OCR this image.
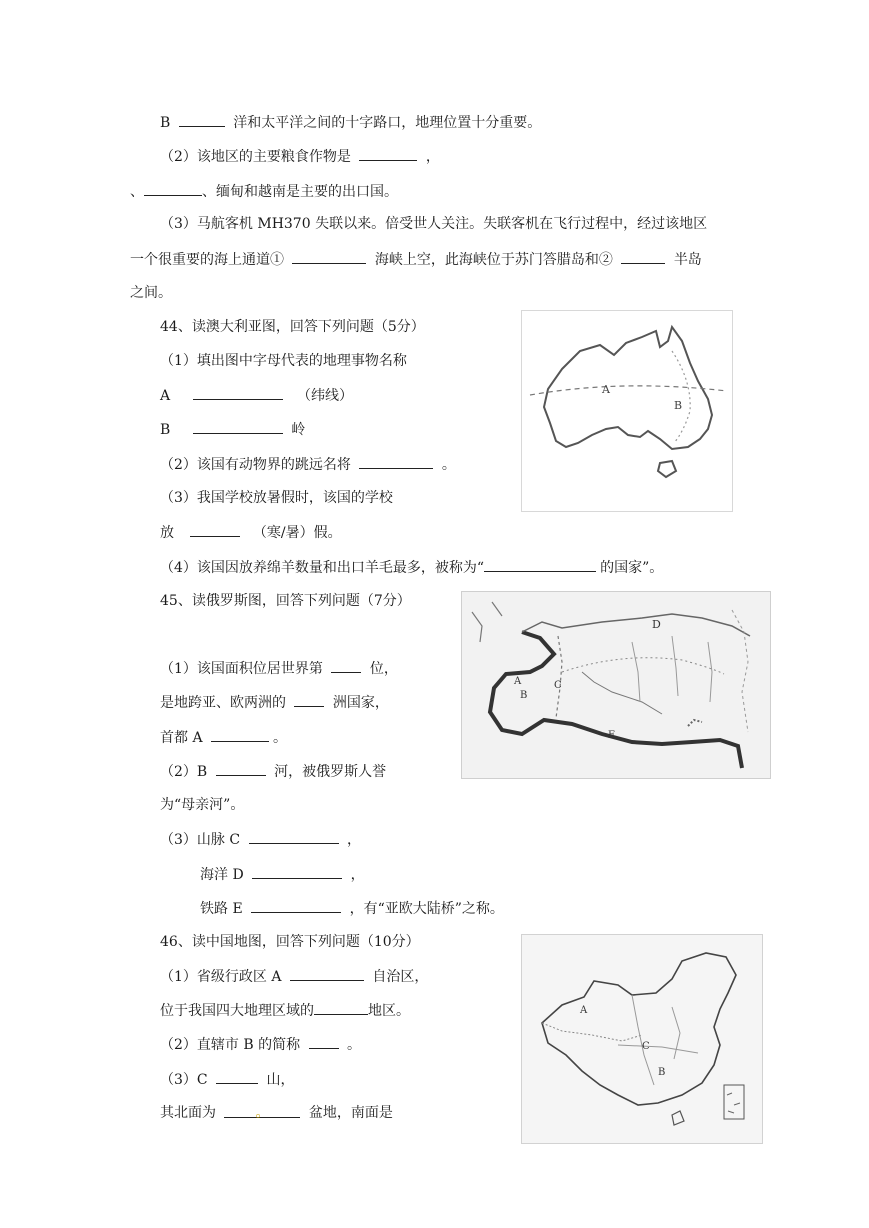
B	洋和太平洋之间的十字路口，地理位置十分重要。
（2）该地区的主要粮食作物是	，
、	、缅甸和越南是主要的出口国。
（3）马航客机 MH370 失联以来。倍受世人关注。失联客机在飞行过程中，经过该地区
一个很重要的海上通道①	海峡上空，此海峡位于苏门答腊岛和②	半岛
之间。
44、读澳大利亚图，回答下列问题（5分）
（1）填出图中字母代表的地理事物名称
A	（纬线）
B	岭
（2）该国有动物界的跳远名将	。
（3）我国学校放暑假时，该国的学校
放	（寒/暑）假。
（4）该国因放养绵羊数量和出口羊毛最多，被称为“	的国家”。
A
B
45、读俄罗斯图，回答下列问题（7分）
（1）该国面积位居世界第	位，
是地跨亚、欧两洲的	洲国家，
首都 A	。
（2）B	河，被俄罗斯人誉
为“母亲河”。
（3）山脉 C	，
海洋 D	，
铁路 E	，有“亚欧大陆桥”之称。
A
B
C
D
E
46、读中国地图，回答下列问题（10分）
（1）省级行政区 A	自治区，
位于我国四大地理区域的	地区。
（2）直辖市 B 的简称	。
（3）C	山，
其北面为	。	盆地，南面是
A
B
C
